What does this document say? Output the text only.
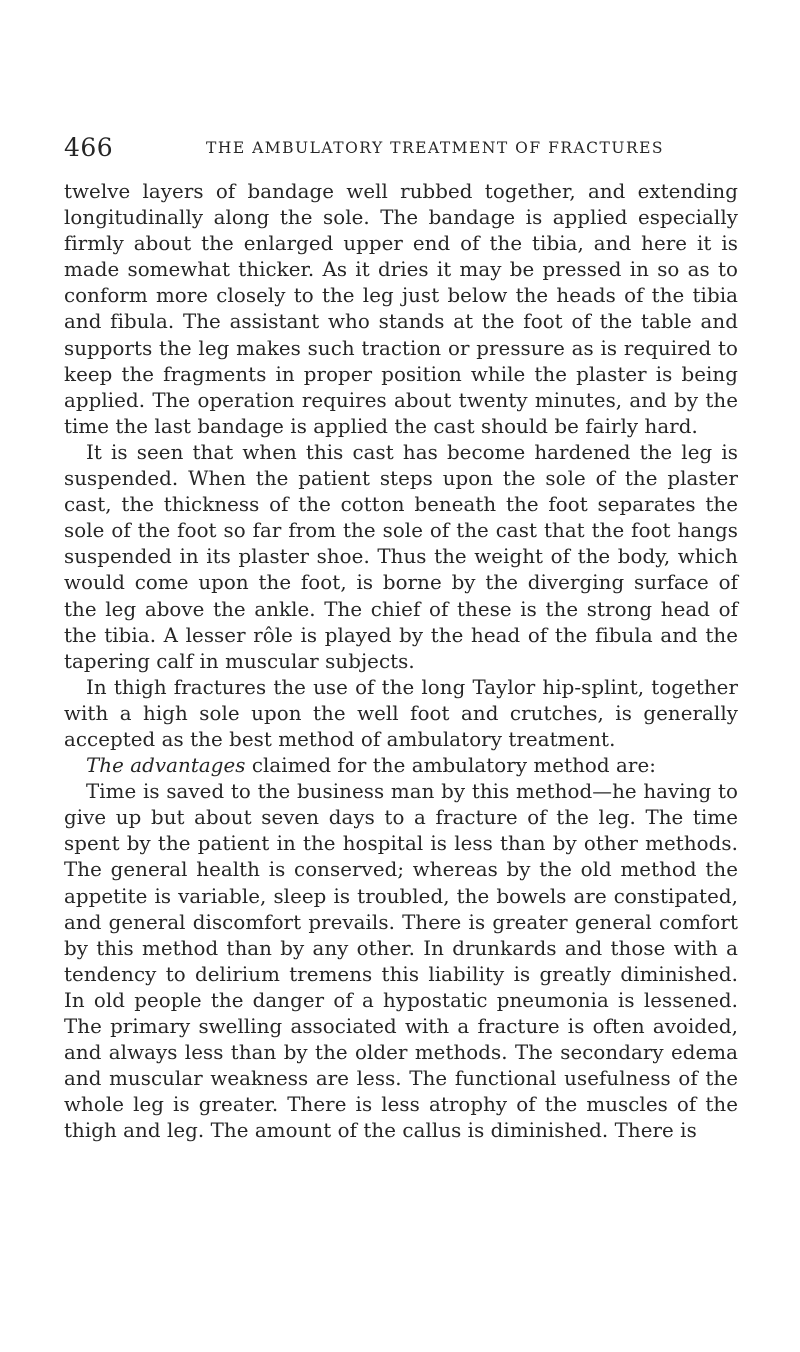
466	THE AMBULATORY TREATMENT OF FRACTURES

twelve layers of bandage well rubbed together, and extending longitudinally along the sole. The bandage is applied especially firmly about the enlarged upper end of the tibia, and here it is made somewhat thicker. As it dries it may be pressed in so as to conform more closely to the leg just below the heads of the tibia and fibula. The assistant who stands at the foot of the table and supports the leg makes such traction or pressure as is required to keep the fragments in proper position while the plaster is being applied. The operation requires about twenty minutes, and by the time the last bandage is applied the cast should be fairly hard.

It is seen that when this cast has become hardened the leg is suspended. When the patient steps upon the sole of the plaster cast, the thickness of the cotton beneath the foot separates the sole of the foot so far from the sole of the cast that the foot hangs suspended in its plaster shoe. Thus the weight of the body, which would come upon the foot, is borne by the diverging surface of the leg above the ankle. The chief of these is the strong head of the tibia. A lesser rôle is played by the head of the fibula and the tapering calf in muscular subjects.

In thigh fractures the use of the long Taylor hip-splint, together with a high sole upon the well foot and crutches, is generally accepted as the best method of ambulatory treatment.

The advantages claimed for the ambulatory method are:

Time is saved to the business man by this method—he having to give up but about seven days to a fracture of the leg. The time spent by the patient in the hospital is less than by other methods. The general health is conserved; whereas by the old method the appetite is variable, sleep is troubled, the bowels are constipated, and general discomfort prevails. There is greater general comfort by this method than by any other. In drunkards and those with a tendency to delirium tremens this liability is greatly diminished. In old people the danger of a hypostatic pneumonia is lessened. The primary swelling associated with a fracture is often avoided, and always less than by the older methods. The secondary edema and muscular weakness are less. The functional usefulness of the whole leg is greater. There is less atrophy of the muscles of the thigh and leg. The amount of the callus is diminished. There is
